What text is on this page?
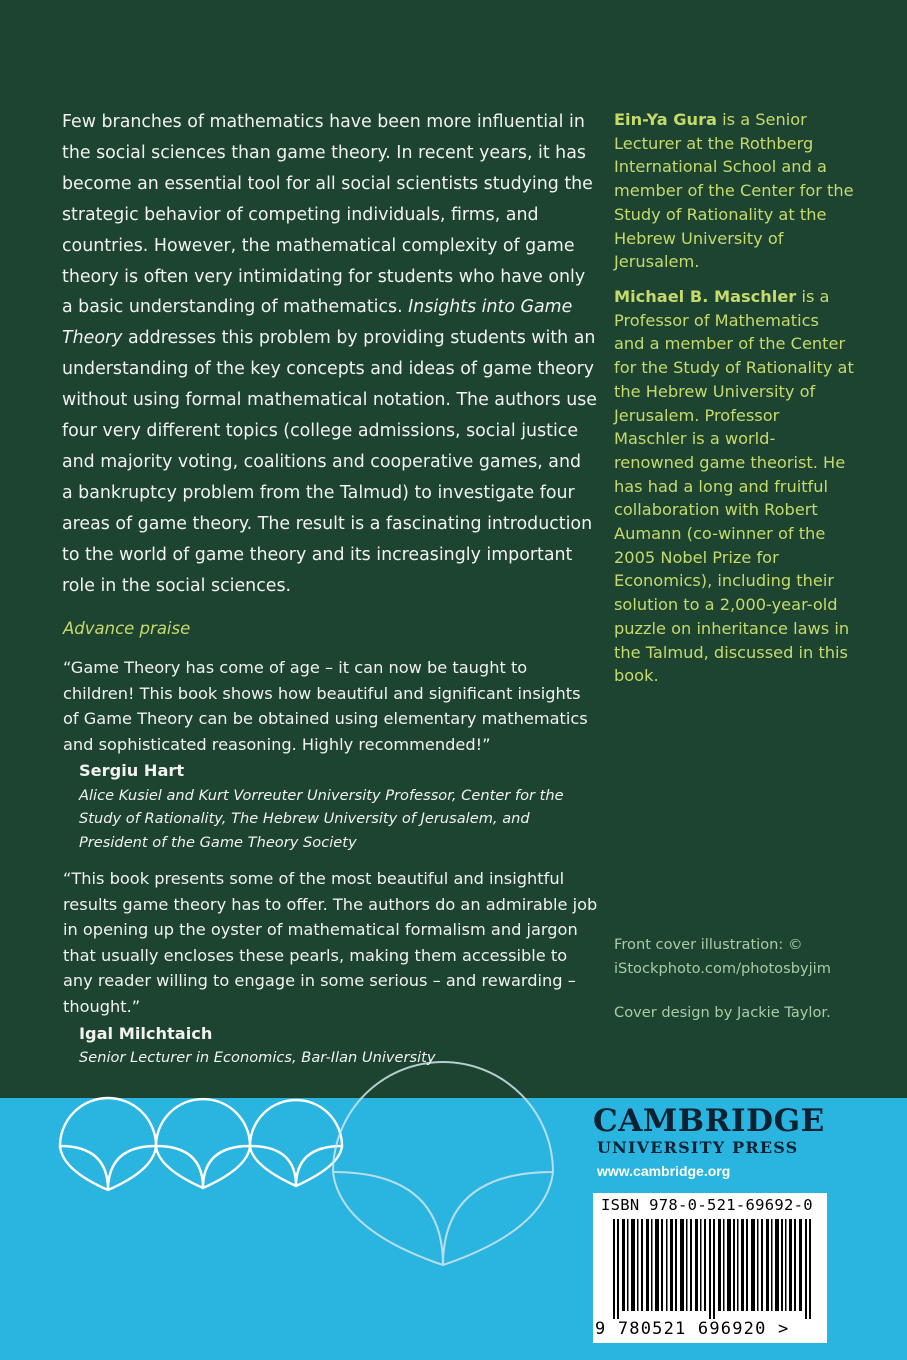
Few branches of mathematics have been more influential in the social sciences than game theory. In recent years, it has become an essential tool for all social scientists studying the strategic behavior of competing individuals, firms, and countries. However, the mathematical complexity of game theory is often very intimidating for students who have only a basic understanding of mathematics. Insights into Game Theory addresses this problem by providing students with an understanding of the key concepts and ideas of game theory without using formal mathematical notation. The authors use four very different topics (college admissions, social justice and majority voting, coalitions and cooperative games, and a bankruptcy problem from the Talmud) to investigate four areas of game theory. The result is a fascinating introduction to the world of game theory and its increasingly important role in the social sciences.

Advance praise

“Game Theory has come of age – it can now be taught to children! This book shows how beautiful and significant insights of Game Theory can be obtained using elementary mathematics and sophisticated reasoning. Highly recommended!”

Sergiu Hart
Alice Kusiel and Kurt Vorreuter University Professor, Center for the Study of Rationality, The Hebrew University of Jerusalem, and President of the Game Theory Society

“This book presents some of the most beautiful and insightful results game theory has to offer. The authors do an admirable job in opening up the oyster of mathematical formalism and jargon that usually encloses these pearls, making them accessible to any reader willing to engage in some serious – and rewarding – thought.”

Igal Milchtaich
Senior Lecturer in Economics, Bar-Ilan University

Ein-Ya Gura is a Senior Lecturer at the Rothberg International School and a member of the Center for the Study of Rationality at the Hebrew University of Jerusalem.

Michael B. Maschler is a Professor of Mathematics and a member of the Center for the Study of Rationality at the Hebrew University of Jerusalem. Professor Maschler is a world-renowned game theorist. He has had a long and fruitful collaboration with Robert Aumann (co-winner of the 2005 Nobel Prize for Economics), including their solution to a 2,000-year-old puzzle on inheritance laws in the Talmud, discussed in this book.

Front cover illustration: © iStockphoto.com/photosbyjim
Cover design by Jackie Taylor.
CAMBRIDGE
UNIVERSITY PRESS
www.cambridge.org
ISBN 978-0-521-69692-0
9 780521 696920 >
